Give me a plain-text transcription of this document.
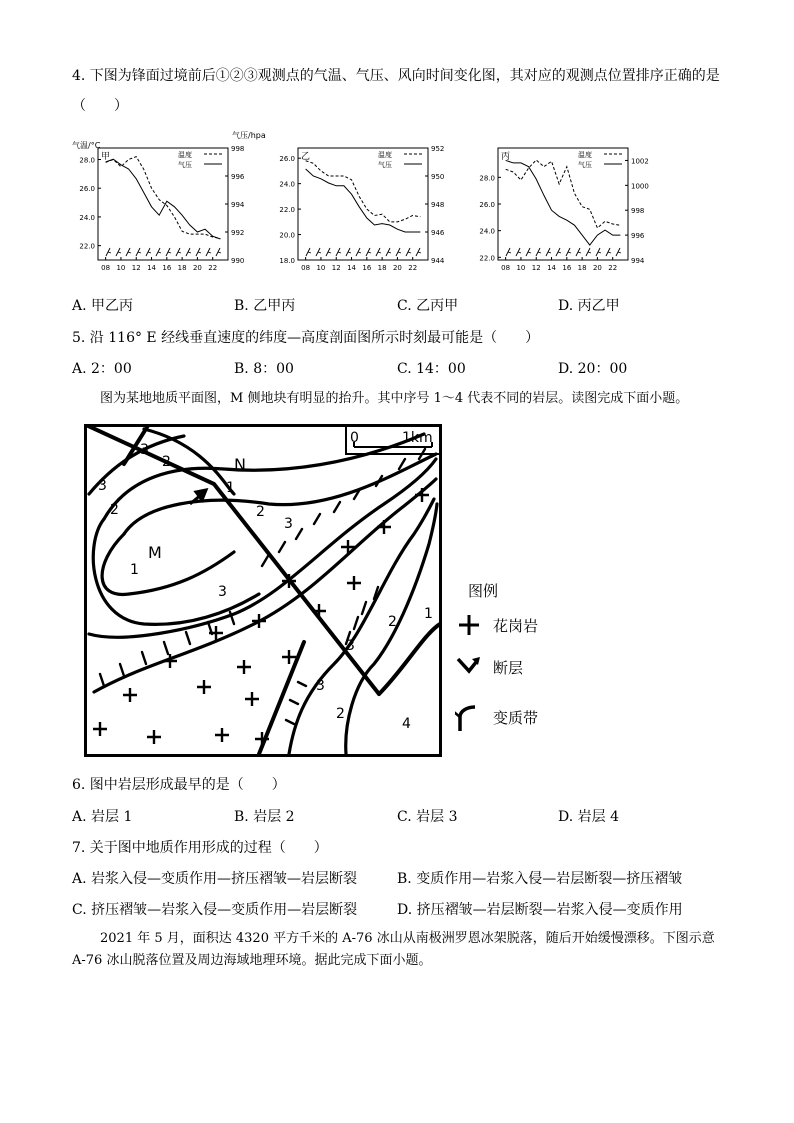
4. 下图为锋面过境前后①②③观测点的气温、气压、风向时间变化图，其对应的观测点位置排序正确的是
（　　）
气温/°C
气压/hpa
甲
28.0
26.0
24.0
22.0
998
996
994
992
990
08 10 12 14 16 18 20 22
温度
气压
乙
26.0
24.0
22.0
20.0
18.0
952
950
948
946
944
08 10 12 14 16 18 20 22
温度
气压
丙
28.0
26.0
24.0
22.0
1002
1000
998
996
994
08 10 12 14 16 18 20 22
温度
气压
A. 甲乙丙	B. 乙甲丙	C. 乙丙甲	D. 丙乙甲
5. 沿 116° E 经线垂直速度的纬度—高度剖面图所示时刻最可能是（　　）
A. 2：00	B. 8：00	C. 14：00	D. 20：00
图为某地地质平面图，M 侧地块有明显的抬升。其中序号 1～4 代表不同的岩层。读图完成下面小题。
0	1km
N
M
3
2
3
2
1
2
3
1
3
2 1
3
3
2
4
图例
花岗岩
断层
变质带
6. 图中岩层形成最早的是（　　）
A. 岩层 1	B. 岩层 2	C. 岩层 3	D. 岩层 4
7. 关于图中地质作用形成的过程（　　）
A. 岩浆入侵—变质作用—挤压褶皱—岩层断裂	B. 变质作用—岩浆入侵—岩层断裂—挤压褶皱
C. 挤压褶皱—岩浆入侵—变质作用—岩层断裂	D. 挤压褶皱—岩层断裂—岩浆入侵—变质作用
2021 年 5 月，面积达 4320 平方千米的 A-76 冰山从南极洲罗恩冰架脱落，随后开始缓慢漂移。下图示意 A-76 冰山脱落位置及周边海域地理环境。据此完成下面小题。
